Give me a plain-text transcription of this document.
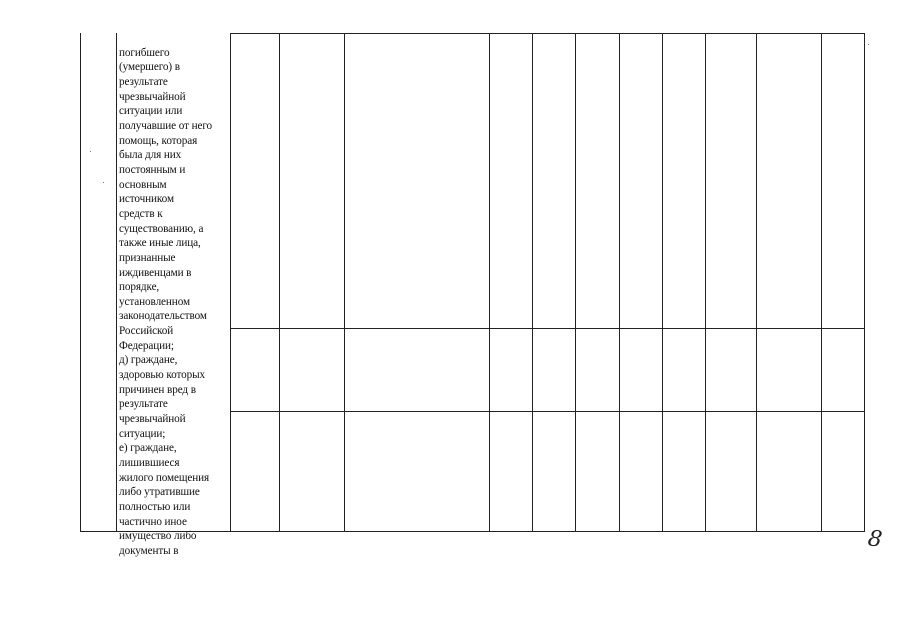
погибшего
(умершего) в
результате
чрезвычайной
ситуации или
получавшие от него
помощь, которая
была для них
постоянным и
основным
источником
средств к
существованию, а
также иные лица,
признанные
иждивенцами в
порядке,
установленном
законодательством
Российской
Федерации;
д) граждане,
здоровью которых
причинен вред в
результате
чрезвычайной
ситуации;
е) граждане,
лишившиеся
жилого помещения
либо утратившие
полностью или
частично иное
имущество либо
документы в	8
